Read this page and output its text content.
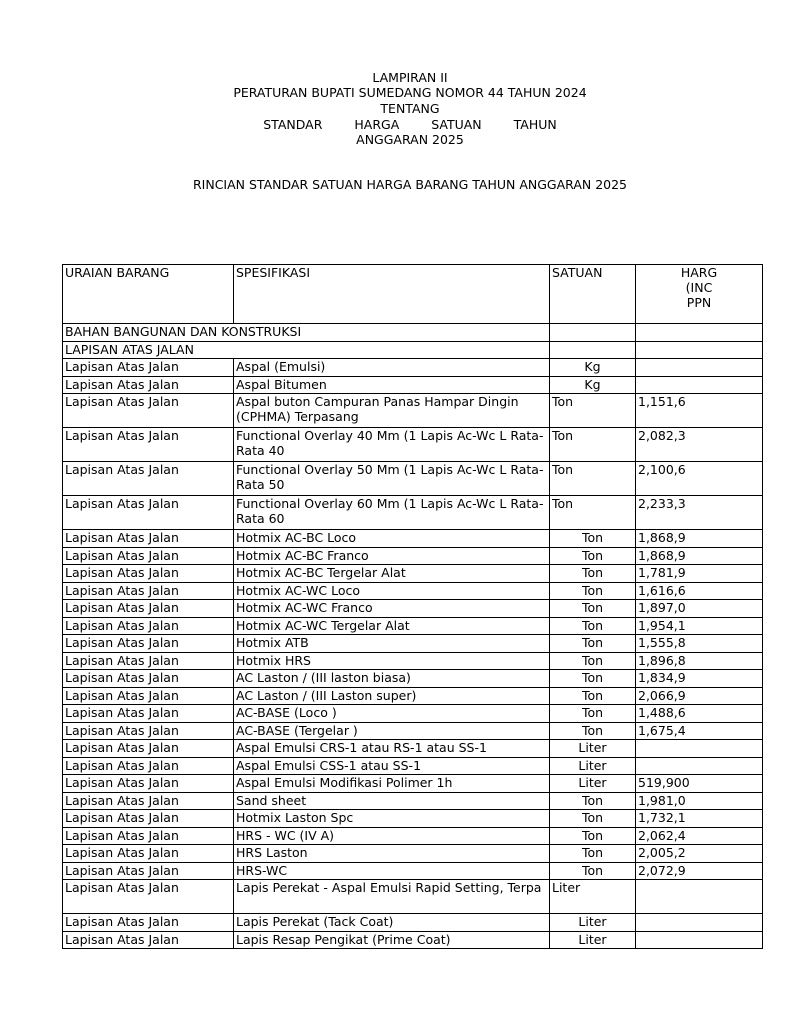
LAMPIRAN II
PERATURAN BUPATI SUMEDANG NOMOR 44 TAHUN 2024
TENTANG
STANDAR HARGA SATUAN TAHUN
ANGGARAN 2025
RINCIAN STANDAR SATUAN HARGA BARANG TAHUN ANGGARAN 2025
URAIAN BARANG	SPESIFIKASI	SATUAN	HARG
(INC
PPN

BAHAN BANGUNAN DAN KONSTRUKSI			
LAPISAN ATAS JALAN			
Lapisan Atas Jalan	Aspal (Emulsi)	Kg	
Lapisan Atas Jalan	Aspal Bitumen	Kg	
Lapisan Atas Jalan	Aspal buton Campuran Panas Hampar Dingin (CPHMA) Terpasang	Ton	1,151,6
Lapisan Atas Jalan	Functional Overlay 40 Mm (1 Lapis Ac-Wc L Rata-Rata 40	Ton	2,082,3
Lapisan Atas Jalan	Functional Overlay 50 Mm (1 Lapis Ac-Wc L Rata-Rata 50	Ton	2,100,6
Lapisan Atas Jalan	Functional Overlay 60 Mm (1 Lapis Ac-Wc L Rata-Rata 60	Ton	2,233,3
Lapisan Atas Jalan	Hotmix AC-BC Loco	Ton	1,868,9
Lapisan Atas Jalan	Hotmix AC-BC Franco	Ton	1,868,9
Lapisan Atas Jalan	Hotmix AC-BC Tergelar Alat	Ton	1,781,9
Lapisan Atas Jalan	Hotmix AC-WC Loco	Ton	1,616,6
Lapisan Atas Jalan	Hotmix AC-WC Franco	Ton	1,897,0
Lapisan Atas Jalan	Hotmix AC-WC Tergelar Alat	Ton	1,954,1
Lapisan Atas Jalan	Hotmix ATB	Ton	1,555,8
Lapisan Atas Jalan	Hotmix HRS	Ton	1,896,8
Lapisan Atas Jalan	AC Laston / (III laston biasa)	Ton	1,834,9
Lapisan Atas Jalan	AC Laston / (III Laston super)	Ton	2,066,9
Lapisan Atas Jalan	AC-BASE (Loco )	Ton	1,488,6
Lapisan Atas Jalan	AC-BASE (Tergelar )	Ton	1,675,4
Lapisan Atas Jalan	Aspal Emulsi CRS-1 atau RS-1 atau SS-1	Liter	
Lapisan Atas Jalan	Aspal Emulsi CSS-1 atau SS-1	Liter	
Lapisan Atas Jalan	Aspal Emulsi Modifikasi Polimer 1h	Liter	519,900
Lapisan Atas Jalan	Sand sheet	Ton	1,981,0
Lapisan Atas Jalan	Hotmix Laston Spc	Ton	1,732,1
Lapisan Atas Jalan	HRS - WC (IV A)	Ton	2,062,4
Lapisan Atas Jalan	HRS Laston	Ton	2,005,2
Lapisan Atas Jalan	HRS-WC	Ton	2,072,9
Lapisan Atas Jalan	Lapis Perekat - Aspal Emulsi Rapid Setting, Terpa	Liter	
Lapisan Atas Jalan	Lapis Perekat (Tack Coat)	Liter	
Lapisan Atas Jalan	Lapis Resap Pengikat (Prime Coat)	Liter	
